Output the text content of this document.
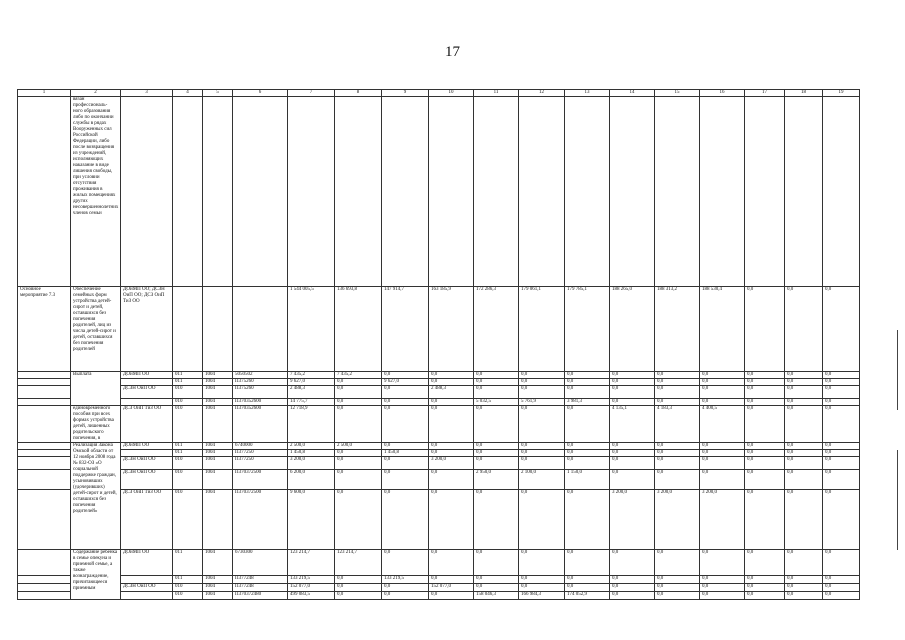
17
1	2	3	4	5	6	7	8	9	10	11	12	13	14	15	16	17	18	19
	вязан профессиональ- ного образования либо по окончании службы в рядах Вооруженных сил Российской Федерации, либо после возвращения из учреждений, исполняющих наказание в виде лишения свободы, при условии отсутствия проживания в жилых помещениях других несовершеннолетних членов семьи																	
Основное мероприятие 7.3	Обеспечение семейных форм устройства детей-сирот и детей, оставшихся без попечения родителей, лиц из числа детей-сирот и детей, оставшихся без попечения родителей	ДОиМП ОО; ДСЗН ОиП ОО; ДСЗ ОиП ТиЗ ОО				1 544 005,5	136 693,8	147 914,7	163 185,9	172 286,3	179 061,1	179 785,1	188 265,0	188 313,2	188 530,4	0,0	0,0	0,0
	Выплата	ДОиМП ОО	011	1004	5050502	7 435,2	7 435,2	0,0	0,0	0,0	0,0	0,0	0,0	0,0	0,0	0,0	0,0	0,0
			011	1004	П375260	9 627,0	0,0	9 627,0	0,0	0,0	0,0	0,0	0,0	0,0	0,0	0,0	0,0	0,0
		ДСЗН ОиП ОО	010	1004	П375260	2 488,3	0,0	0,0	2 488,3	0,0	0,0	0,0	0,0	0,0	0,0	0,0	0,0	0,0
			010	1004	П370352600	14 775,7	0,0	0,0	0,0	5 032,5	5 761,9	3 981,3	0,0	0,0	0,0	0,0	0,0	0,0
	единовременного пособия при всех формах устройства детей, лишенных родительского попечения, в	ДСЗ ОиП ТиЗ ОО	010	1004	П370352600	12 718,9	0,0	0,0	0,0	0,0	0,0	0,0	4 135,1	4 183,3	4 400,5	0,0	0,0	0,0
	Реализация Закона Омской области от 12 ноября 2008 года № 832-ОЗ «О социальной поддержке граждан, усыновивших (удочеривших) детей-сирот и детей, оставшихся без попечения родителей»	ДОиМП ОО	011	1004	6740000	2 500,0	2 500,0	0,0	0,0	0,0	0,0	0,0	0,0	0,0	0,0	0,0	0,0	0,0
			011	1004	П377250	1 450,8	0,0	1 450,8	0,0	0,0	0,0	0,0	0,0	0,0	0,0	0,0	0,0	0,0
		ДСЗН ОиП ОО	010	1004	П377250	3 200,0	0,0	0,0	3 200,0	0,0	0,0	0,0	0,0	0,0	0,0	0,0	0,0	0,0
		ДСЗН ОиП ОО	010	1004	П370372500	6 200,0	0,0	0,0	0,0	2 950,0	2 100,0	1 150,0	0,0	0,0	0,0	0,0	0,0	0,0
		ДСЗ ОиП ТиЗ ОО	010	1004	П370372500	9 600,0	0,0	0,0	0,0	0,0	0,0	0,0	3 200,0	3 200,0	3 200,0	0,0	0,0	0,0
	Содержание ребенка в семье опекуна и приемной семье, а также вознаграждение, причитающееся приемным	ДОиМП ОО	011	1004	6730300	123 214,7	123 214,7	0,0	0,0	0,0	0,0	0,0	0,0	0,0	0,0	0,0	0,0	0,0
			011	1004	П377248	133 219,5	0,0	133 219,5	0,0	0,0	0,0	0,0	0,0	0,0	0,0	0,0	0,0	0,0
		ДСЗН ОиП ОО	010	1004	П377248	152 077,0	0,0	0,0	152 077,0	0,0	0,0	0,0	0,0	0,0	0,0	0,0	0,0	0,0
			010	1004	П370372480	499 083,5	0,0	0,0	0,0	158 046,3	166 984,3	174 052,9	0,0	0,0	0,0	0,0	0,0	0,0
